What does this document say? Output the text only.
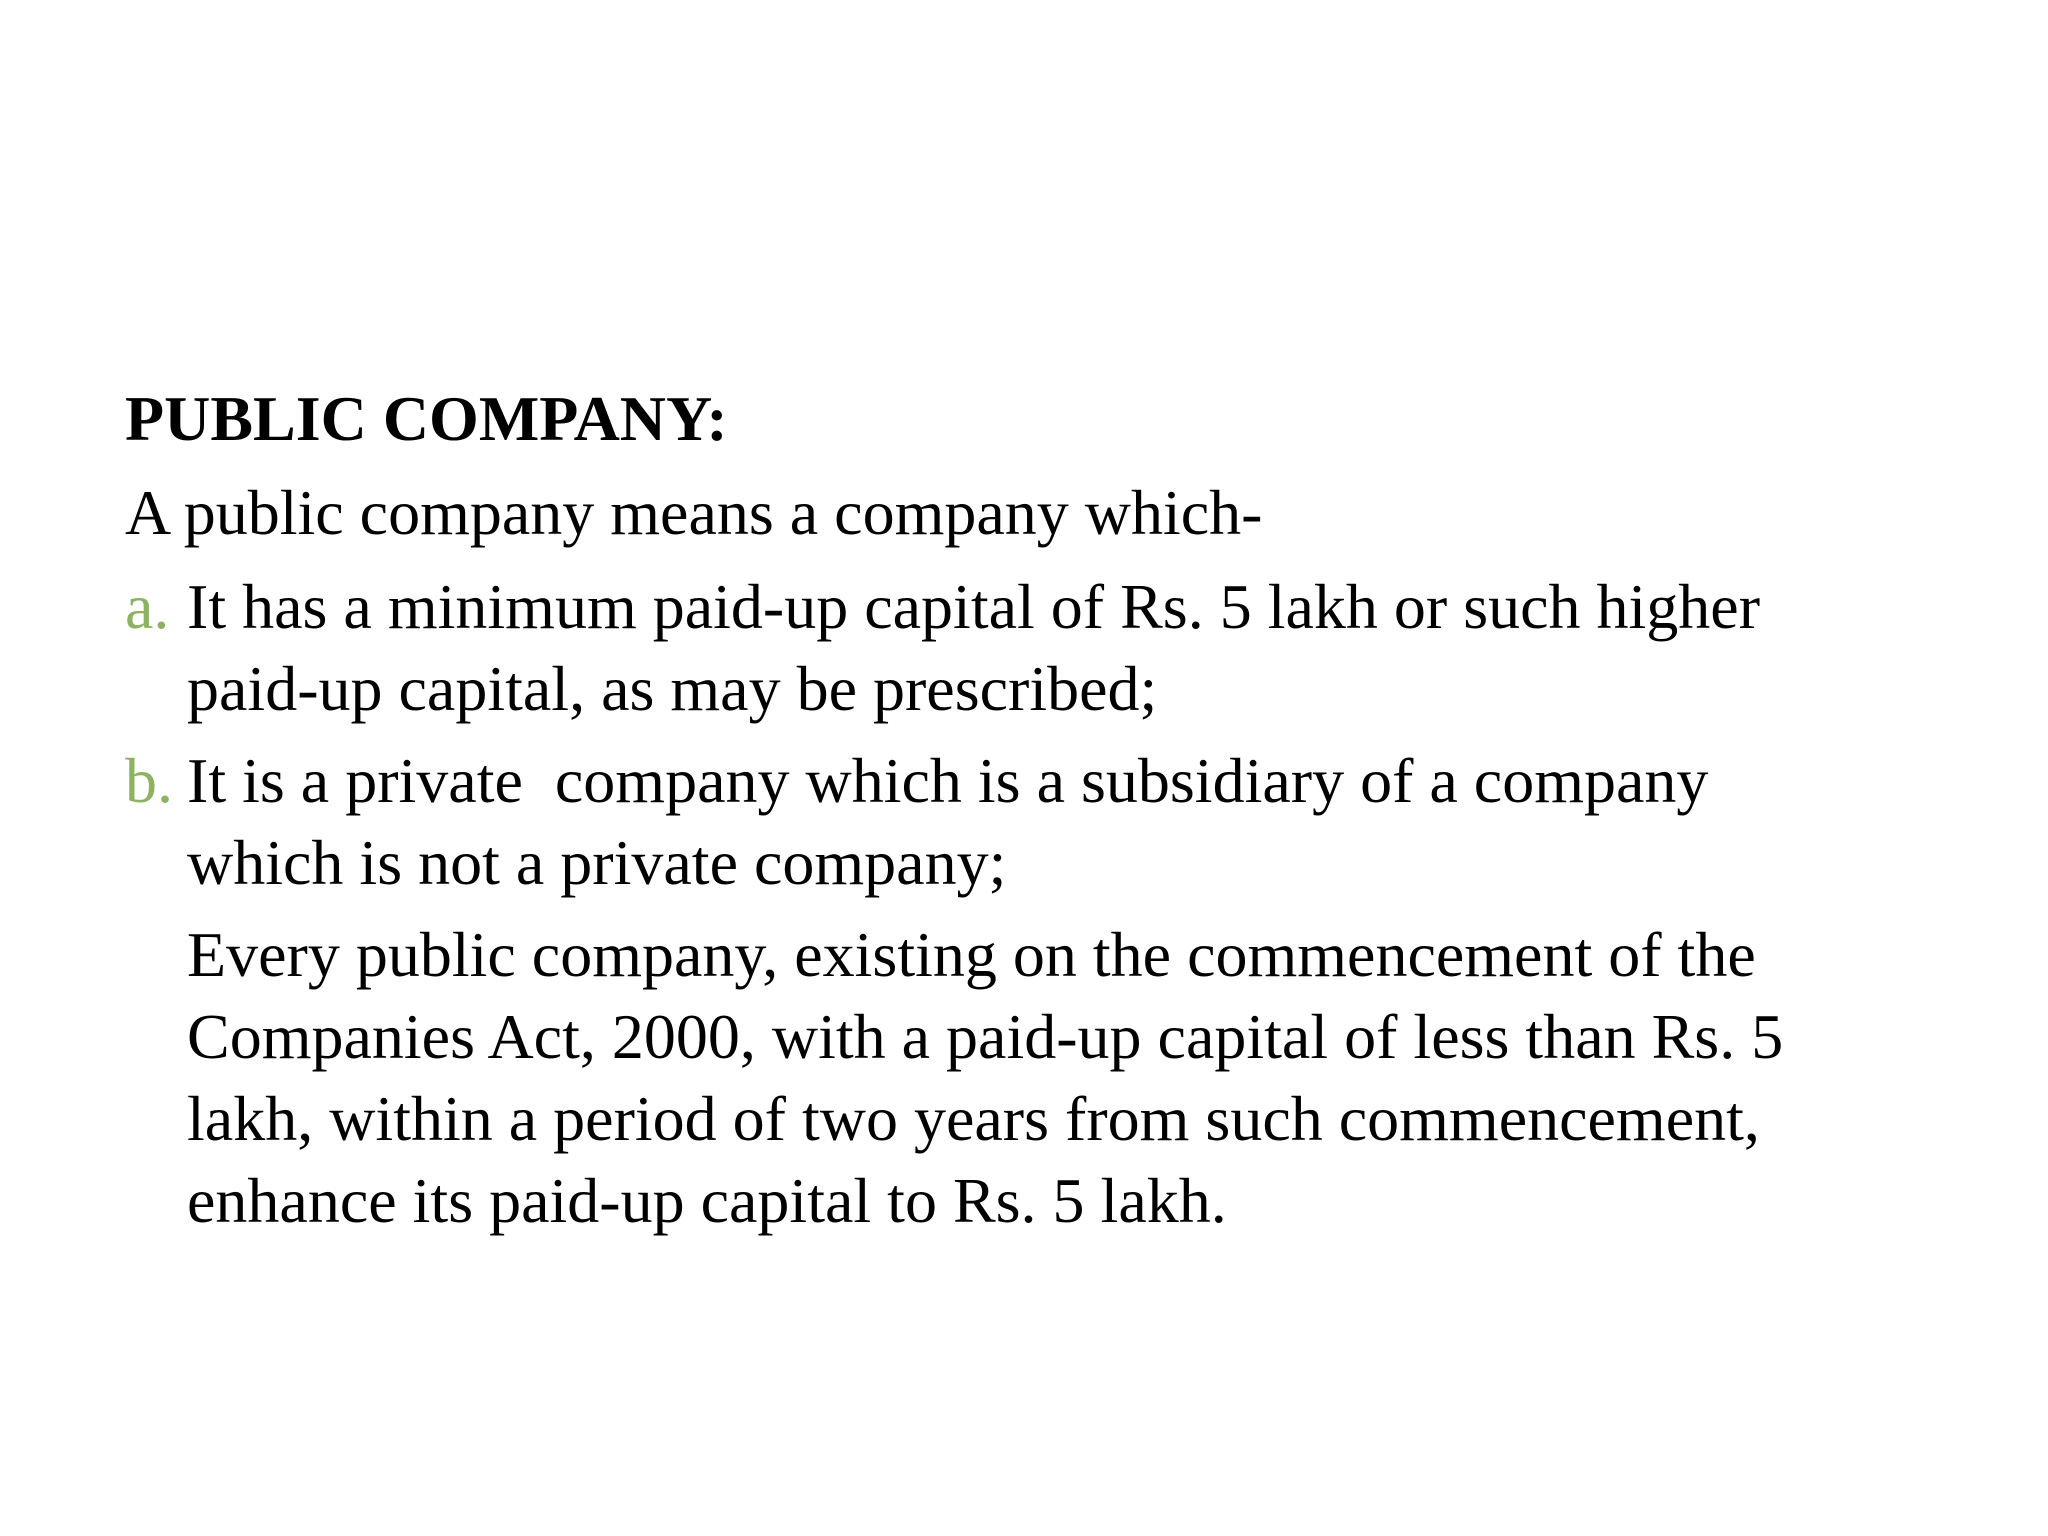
PUBLIC COMPANY:
A public company means a company which-
a. It has a minimum paid-up capital of Rs. 5 lakh or such higher
paid-up capital, as may be prescribed;
b. It is a private  company which is a subsidiary of a company
which is not a private company;
Every public company, existing on the commencement of the
Companies Act, 2000, with a paid-up capital of less than Rs. 5
lakh, within a period of two years from such commencement,
enhance its paid-up capital to Rs. 5 lakh.
